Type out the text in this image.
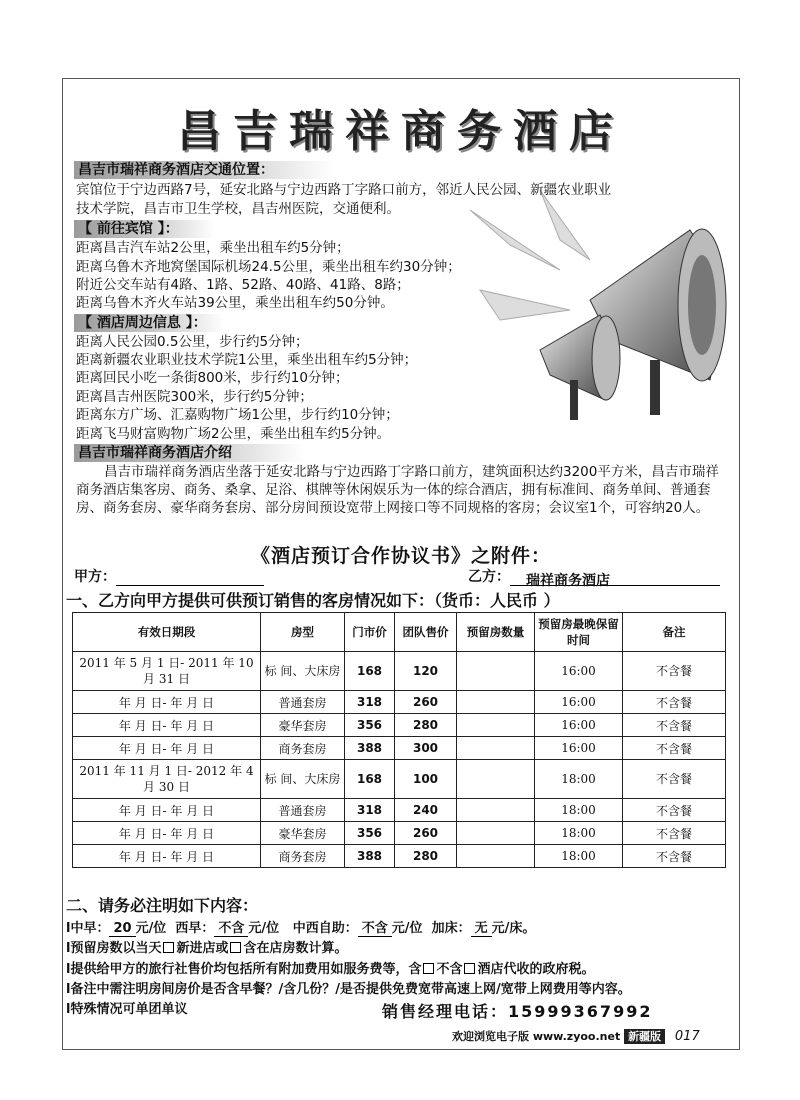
昌吉瑞祥商务酒店
昌吉市瑞祥商务酒店交通位置：
宾馆位于宁边西路7号，延安北路与宁边西路丁字路口前方，邻近人民公园、新疆农业职业
技术学院，昌吉市卫生学校，昌吉州医院，交通便利。
【 前往宾馆 】：
距离昌吉汽车站2公里，乘坐出租车约5分钟；
距离乌鲁木齐地窝堡国际机场24.5公里，乘坐出租车约30分钟；
附近公交车站有4路、1路、52路、40路、41路、8路；
距离乌鲁木齐火车站39公里，乘坐出租车约50分钟。
【 酒店周边信息 】：
距离人民公园0.5公里，步行约5分钟；
距离新疆农业职业技术学院1公里，乘坐出租车约5分钟；
距离回民小吃一条街800米，步行约10分钟；
距离昌吉州医院300米，步行约5分钟；
距离东方广场、汇嘉购物广场1公里，步行约10分钟；
距离飞马财富购物广场2公里，乘坐出租车约5分钟。
昌吉市瑞祥商务酒店介绍
昌吉市瑞祥商务酒店坐落于延安北路与宁边西路丁字路口前方，建筑面积达约3200平方米，昌吉市瑞祥商务酒店集客房、商务、桑拿、足浴、棋牌等休闲娱乐为一体的综合酒店，拥有标准间、商务单间、普通套房、商务套房、豪华商务套房、部分房间预设宽带上网接口等不同规格的客房；会议室1个，可容纳20人。
《酒店预订合作协议书》之附件：
甲方：	乙方： 瑞祥商务酒店
一、乙方向甲方提供可供预订销售的客房情况如下：（货币：人民币 ）
有效日期段	房型	门市价	团队售价	预留房数量	预留房最晚保留时间	备注
2011 年 5 月 1 日- 2011 年 10 月 31 日	标 间、大床房	168	120		16:00	不含餐
年 月 日- 年 月 日	普通套房	318	260		16:00	不含餐
年 月 日- 年 月 日	豪华套房	356	280		16:00	不含餐
年 月 日- 年 月 日	商务套房	388	300		16:00	不含餐
2011 年 11 月 1 日- 2012 年 4 月 30 日	标 间、大床房	168	100		18:00	不含餐
年 月 日- 年 月 日	普通套房	318	240		18:00	不含餐
年 月 日- 年 月 日	豪华套房	356	260		18:00	不含餐
年 月 日- 年 月 日	商务套房	388	280		18:00	不含餐
二、请务必注明如下内容：
l中早： 20 元/位 西早： 不含 元/位 中西自助： 不含 元/位 加床： 无 元/床。
l预留房数以当天 新进店或 含在店房数计算。
l提供给甲方的旅行社售价均包括所有附加费用如服务费等，含 不含 酒店代收的政府税。
l备注中需注明房间房价是否含早餐？/含几份？/是否提供免费宽带高速上网/宽带上网费用等内容。
l特殊情况可单团单议	销售经理电话：15999367992
欢迎浏览电子版 www.zyoo.net 新疆版 017
